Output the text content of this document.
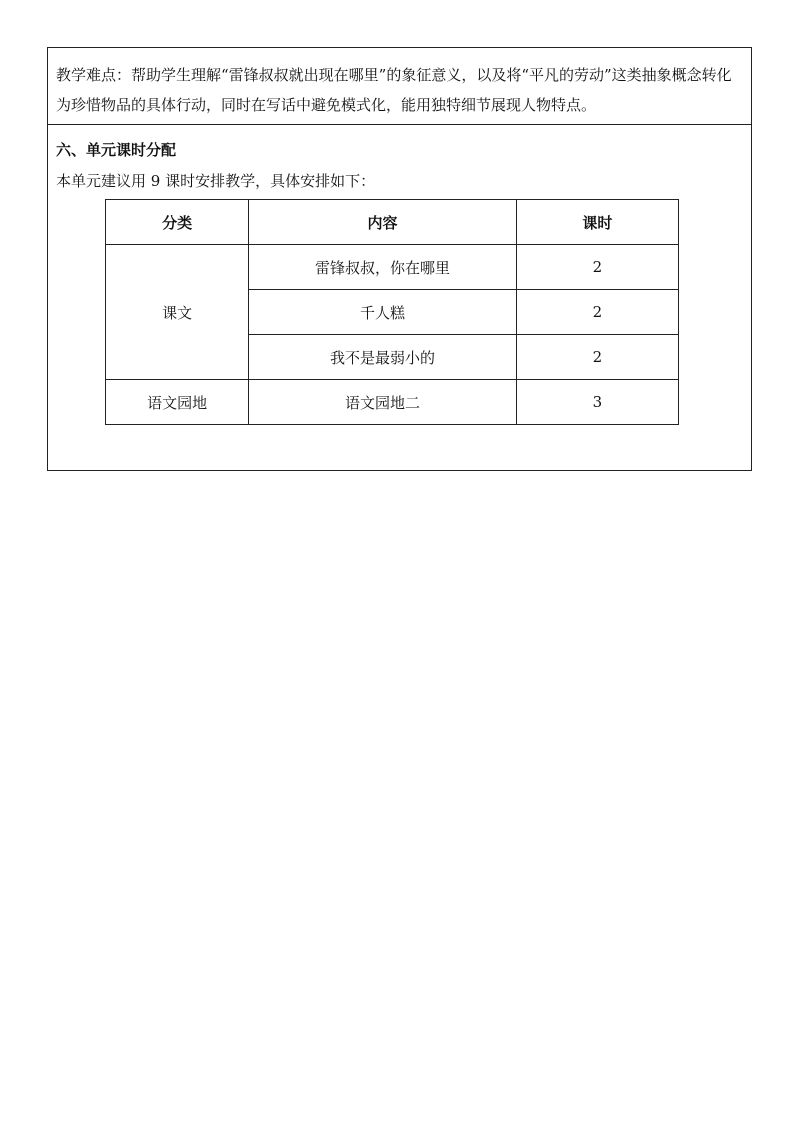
教学难点：帮助学生理解“雷锋叔叔就出现在哪里”的象征意义，以及将“平凡的劳动”这类抽象概念转化为珍惜物品的具体行动，同时在写话中避免模式化，能用独特细节展现人物特点。
六、单元课时分配
本单元建议用 9 课时安排教学，具体安排如下：
分类	内容	课时
课文	雷锋叔叔，你在哪里	2
	千人糕	2
	我不是最弱小的	2
语文园地	语文园地二	3
